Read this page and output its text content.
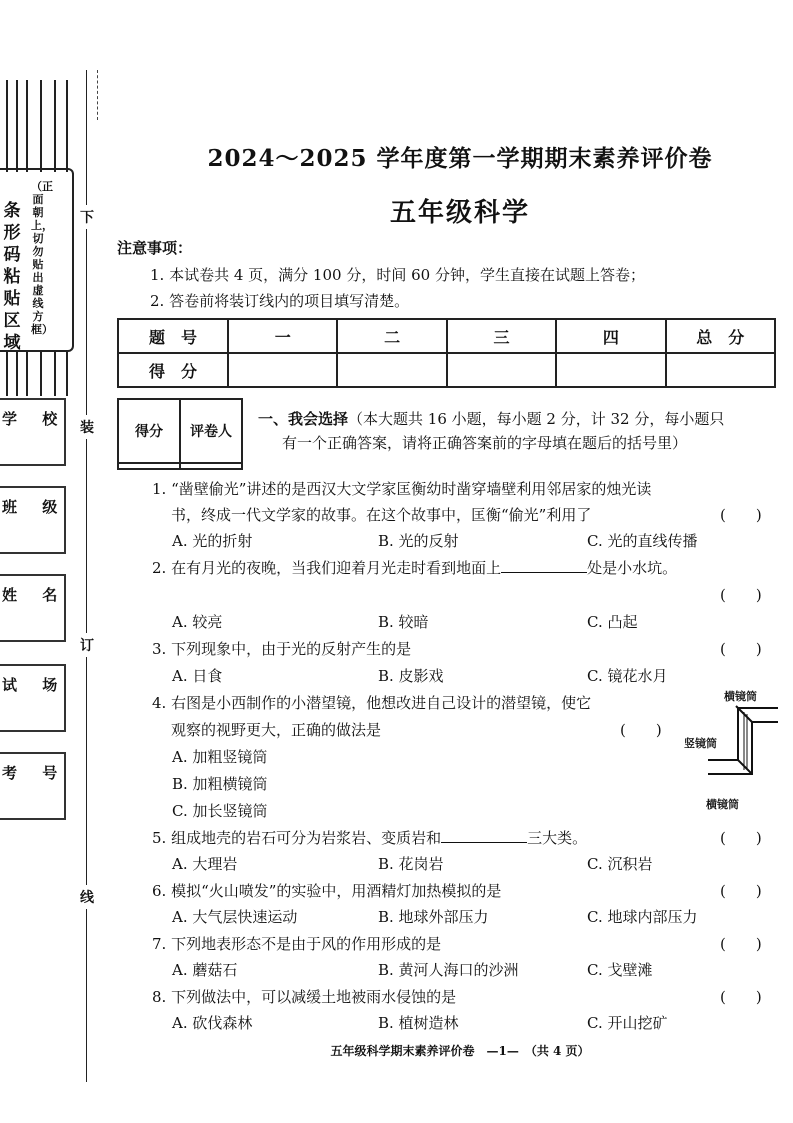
条形码粘贴区域
（正面朝上，切勿贴出虚线方框）
学 校
班 级
姓 名
试 场
考 号
下
装
订
线
2024～2025 学年度第一学期期末素养评价卷
五年级科学
注意事项：
1. 本试卷共 4 页，满分 100 分，时间 60 分钟，学生直接在试题上答卷；
2. 答卷前将装订线内的项目填写清楚。
题　号	一	二	三	四	总　分
得　分					
得分	评卷人

一、我会选择（本大题共 16 小题，每小题 2 分，计 32 分，每小题只
有一个正确答案，请将正确答案前的字母填在题后的括号里）
1. “凿壁偷光”讲述的是西汉大文学家匡衡幼时凿穿墙壁利用邻居家的烛光读
书，终成一代文学家的故事。在这个故事中，匡衡“偷光”利用了	(　　)
A. 光的折射	B. 光的反射	C. 光的直线传播
2. 在有月光的夜晚，当我们迎着月光走时看到地面上	处是小水坑。
(　　)
A. 较亮	B. 较暗	C. 凸起
3. 下列现象中，由于光的反射产生的是	(　　)
A. 日食	B. 皮影戏	C. 镜花水月
4. 右图是小西制作的小潜望镜，他想改进自己设计的潜望镜，使它
观察的视野更大，正确的做法是	(　　)
A. 加粗竖镜筒
B. 加粗横镜筒
C. 加长竖镜筒
横镜筒
竖镜筒
横镜筒
5. 组成地壳的岩石可分为岩浆岩、变质岩和	三大类。	(　　)
A. 大理岩	B. 花岗岩	C. 沉积岩
6. 模拟“火山喷发”的实验中，用酒精灯加热模拟的是	(　　)
A. 大气层快速运动	B. 地球外部压力	C. 地球内部压力
7. 下列地表形态不是由于风的作用形成的是	(　　)
A. 蘑菇石	B. 黄河人海口的沙洲	C. 戈壁滩
8. 下列做法中，可以减缓土地被雨水侵蚀的是	(　　)
A. 砍伐森林	B. 植树造林	C. 开山挖矿
五年级科学期末素养评价卷　—1—　（共 4 页）
